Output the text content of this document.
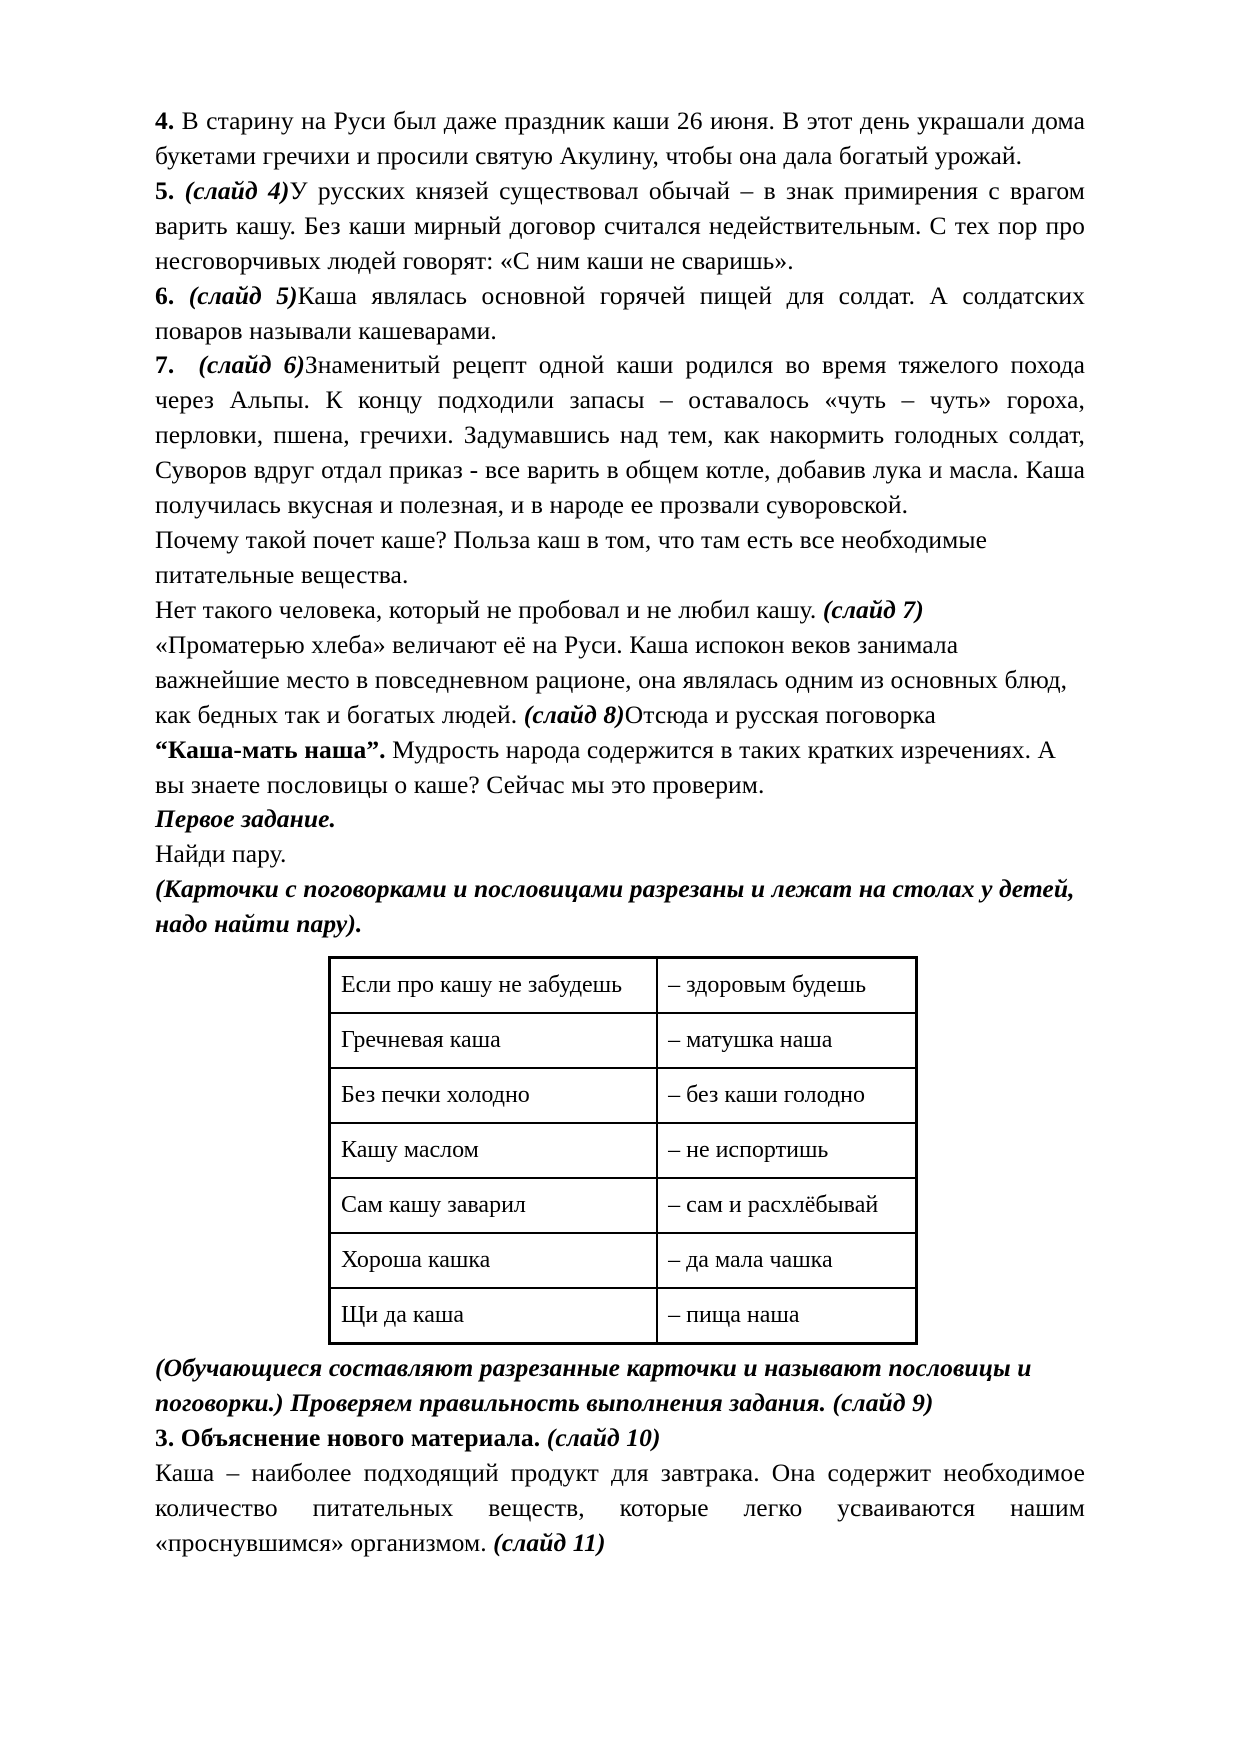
4. В старину на Руси был даже праздник каши 26 июня. В этот день украшали дома букетами гречихи и просили святую Акулину, чтобы она дала богатый урожай.

5. (слайд 4)У русских князей существовал обычай – в знак примирения с врагом варить кашу. Без каши мирный договор считался недействительным. С тех пор про несговорчивых людей говорят: «С ним каши не сваришь».

6. (слайд 5)Каша являлась основной горячей пищей для солдат. А солдатских поваров называли кашеварами.

7. (слайд 6)Знаменитый рецепт одной каши родился во время тяжелого похода через Альпы. К концу подходили запасы – оставалось «чуть – чуть» гороха, перловки, пшена, гречихи. Задумавшись над тем, как накормить голодных солдат, Суворов вдруг отдал приказ - все варить в общем котле, добавив лука и масла. Каша получилась вкусная и полезная, и в народе ее прозвали суворовской.

Почему такой почет каше? Польза каш в том, что там есть все необходимые питательные вещества.

Нет такого человека, который не пробовал и не любил кашу. (слайд 7)

«Проматерью хлеба» величают её на Руси. Каша испокон веков занимала важнейшие место в повседневном рационе, она являлась одним из основных блюд, как бедных так и богатых людей. (слайд 8)Отсюда и русская поговорка

“Каша-мать наша”. Мудрость народа содержится в таких кратких изречениях. А вы знаете пословицы о каше? Сейчас мы это проверим.

Первое задание.

Найди пару.

(Карточки с поговорками и пословицами разрезаны и лежат на столах у детей, надо найти пару).

Если про кашу не забудешь	– здоровым будешь
Гречневая каша	– матушка наша
Без печки холодно	– без каши голодно
Кашу маслом	– не испортишь
Сам кашу заварил	– сам и расхлёбывай
Хороша кашка	– да мала чашка
Щи да каша	– пища наша

(Обучающиеся составляют разрезанные карточки и называют пословицы и поговорки.) Проверяем правильность выполнения задания. (слайд 9)

3. Объяснение нового материала. (слайд 10)

Каша – наиболее подходящий продукт для завтрака. Она содержит необходимое количество питательных веществ, которые легко усваиваются нашим «проснувшимся» организмом. (слайд 11)
